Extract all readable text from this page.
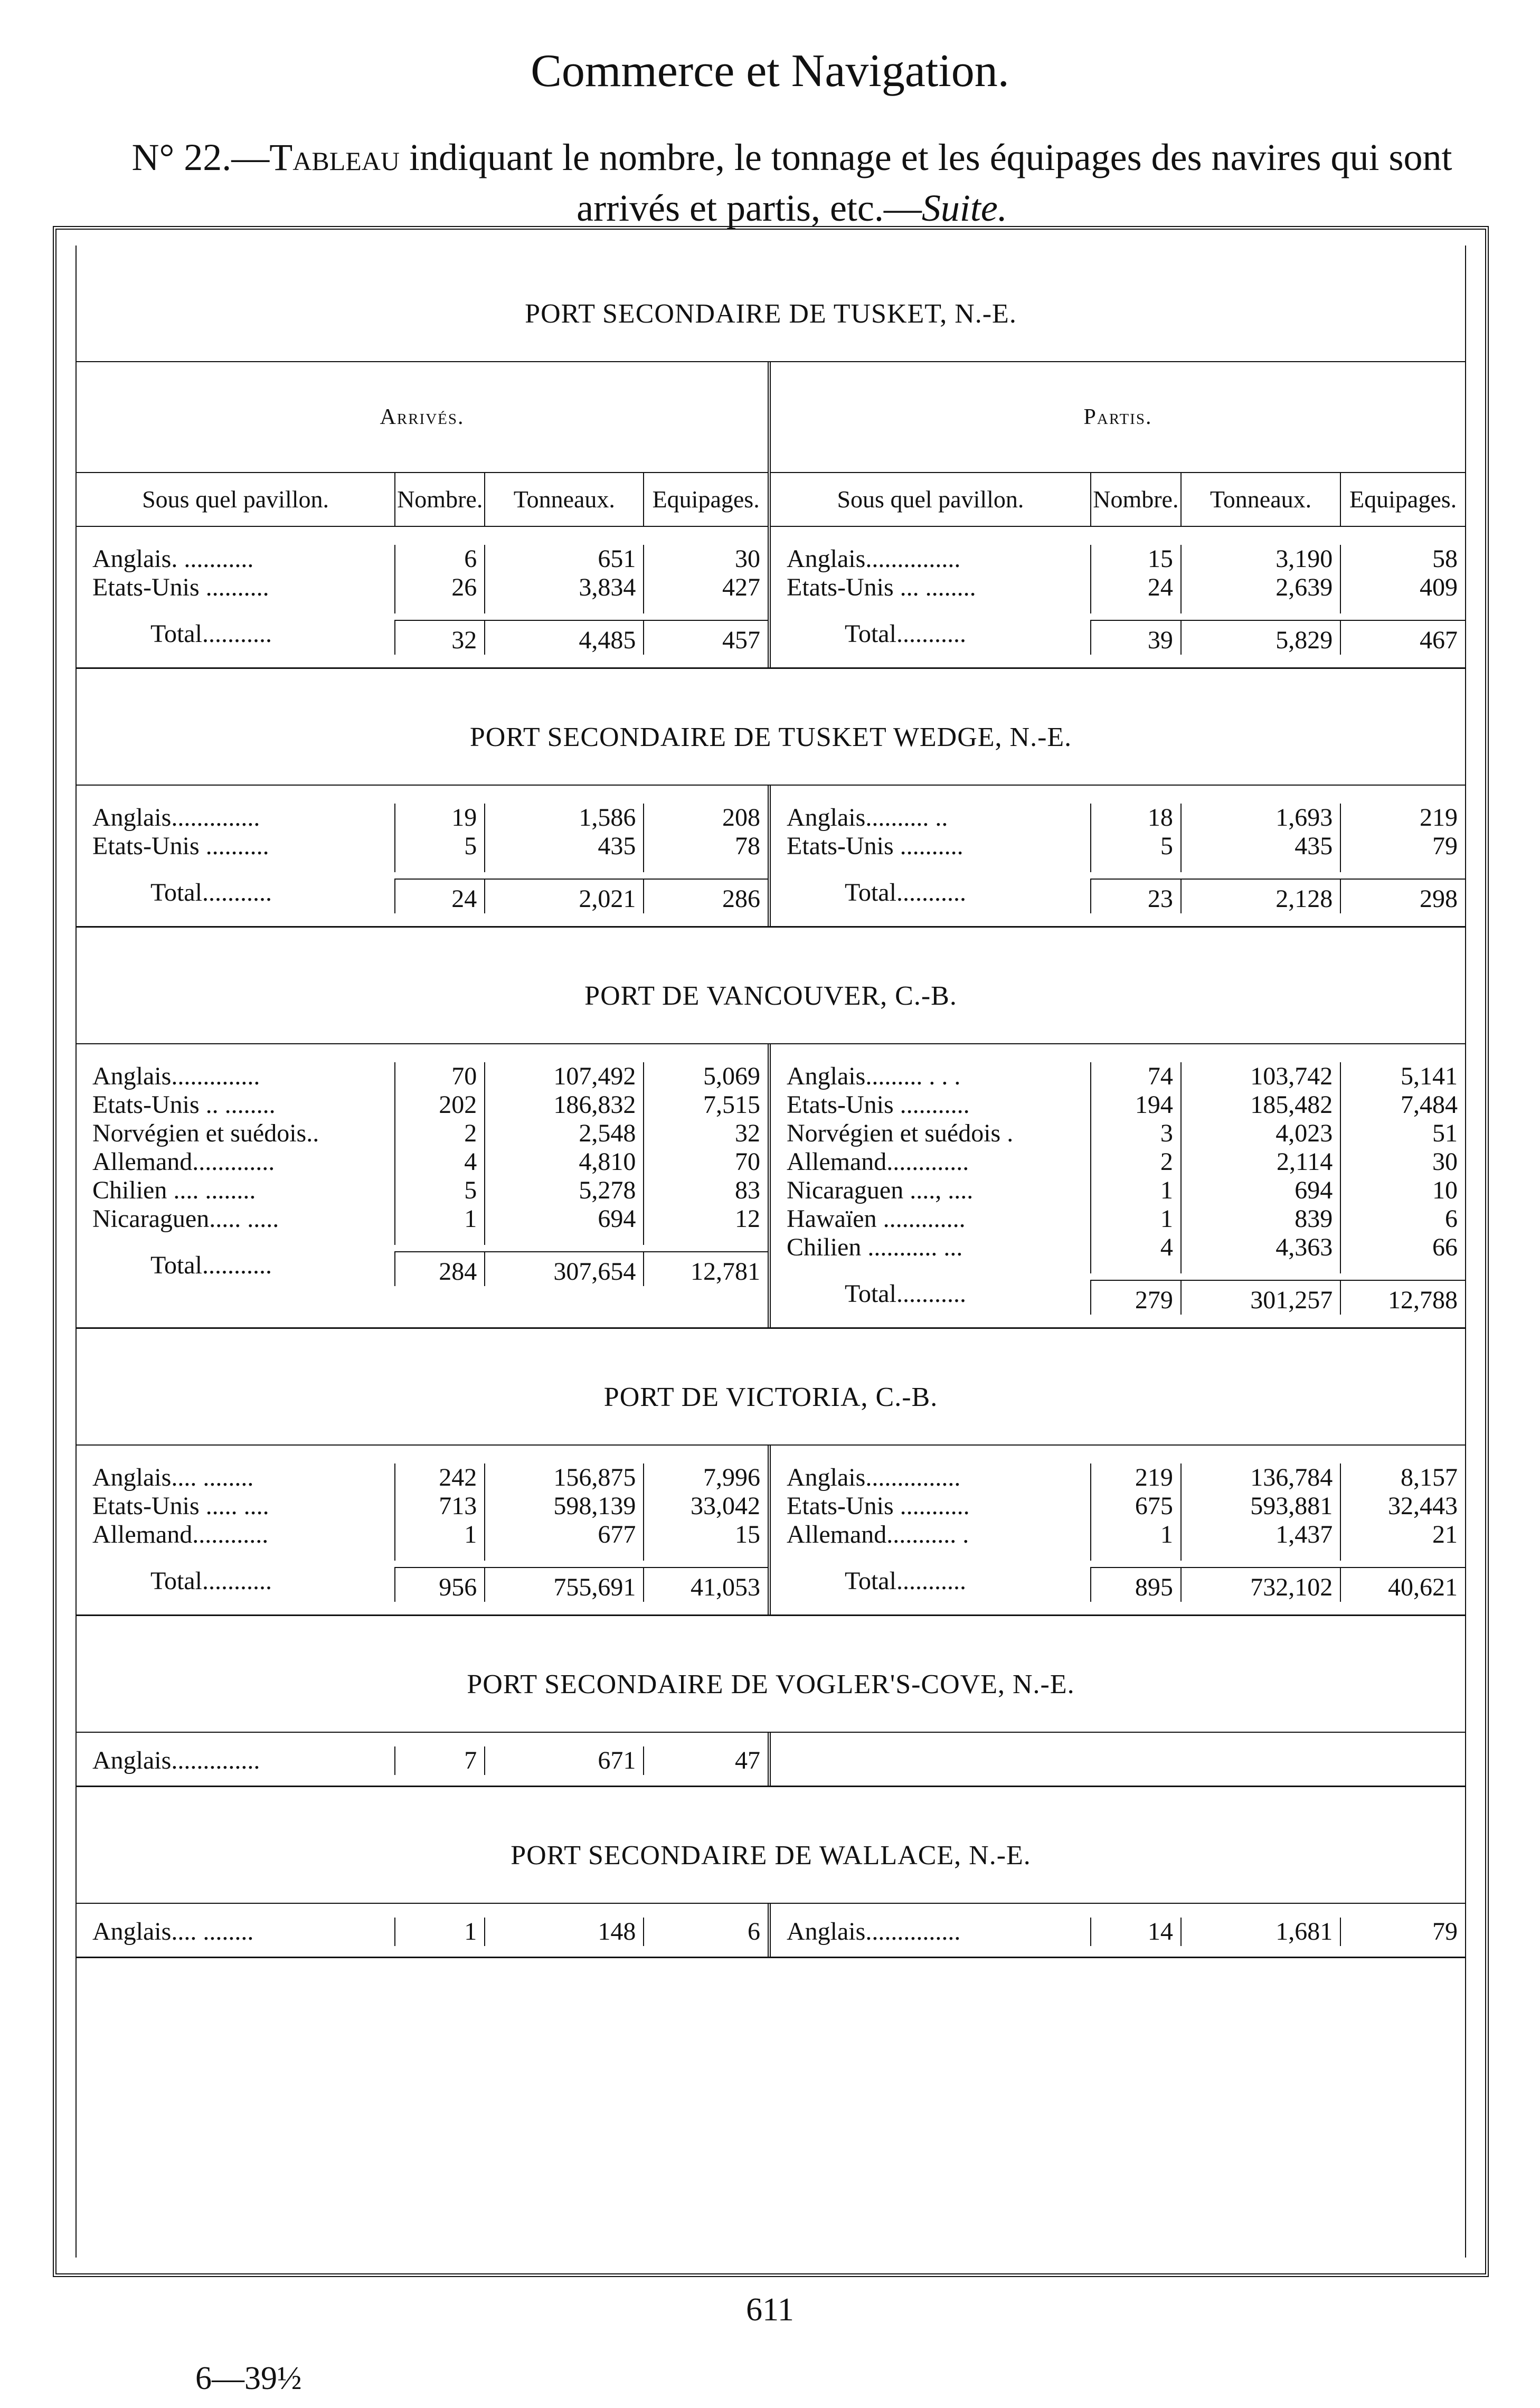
Commerce et Navigation.
N° 22.—Tableau indiquant le nombre, le tonnage et les équipages des navires qui sont arrivés et partis, etc.—Suite.
PORT SECONDAIRE DE TUSKET, N.-E.
Arrivés.
Sous quel pavillon.	Nombre.	Tonneaux.	Equipages.
Anglais. ...........	6	651	30
Etats-Unis ..........	26	3,834	427
Total...........	32	4,485	457
Partis.
Sous quel pavillon.	Nombre.	Tonneaux.	Equipages.
Anglais...............	15	3,190	58
Etats-Unis ... ........	24	2,639	409
Total...........	39	5,829	467
PORT SECONDAIRE DE TUSKET WEDGE, N.-E.
Anglais..............	19	1,586	208
Etats-Unis ..........	5	435	78
Total...........	24	2,021	286
Anglais.......... ..	18	1,693	219
Etats-Unis ..........	5	435	79
Total...........	23	2,128	298
PORT DE VANCOUVER, C.-B.
Anglais..............	70	107,492	5,069
Etats-Unis .. ........	202	186,832	7,515
Norvégien et suédois..	2	2,548	32
Allemand.............	4	4,810	70
Chilien .... ........	5	5,278	83
Nicaraguen..... .....	1	694	12
Total...........	284	307,654	12,781
Anglais......... . . .	74	103,742	5,141
Etats-Unis ...........	194	185,482	7,484
Norvégien et suédois .	3	4,023	51
Allemand.............	2	2,114	30
Nicaraguen ...., ....	1	694	10
Hawaïen .............	1	839	6
Chilien ........... ...	4	4,363	66
Total...........	279	301,257	12,788
PORT DE VICTORIA, C.-B.
Anglais.... ........	242	156,875	7,996
Etats-Unis ..... ....	713	598,139	33,042
Allemand............	1	677	15
Total...........	956	755,691	41,053
Anglais...............	219	136,784	8,157
Etats-Unis ...........	675	593,881	32,443
Allemand........... .	1	1,437	21
Total...........	895	732,102	40,621
PORT SECONDAIRE DE VOGLER'S-COVE, N.-E.
Anglais..............	7	671	47
PORT SECONDAIRE DE WALLACE, N.-E.
Anglais.... ........	1	148	6	Anglais...............	14	1,681	79
611
6—39½
